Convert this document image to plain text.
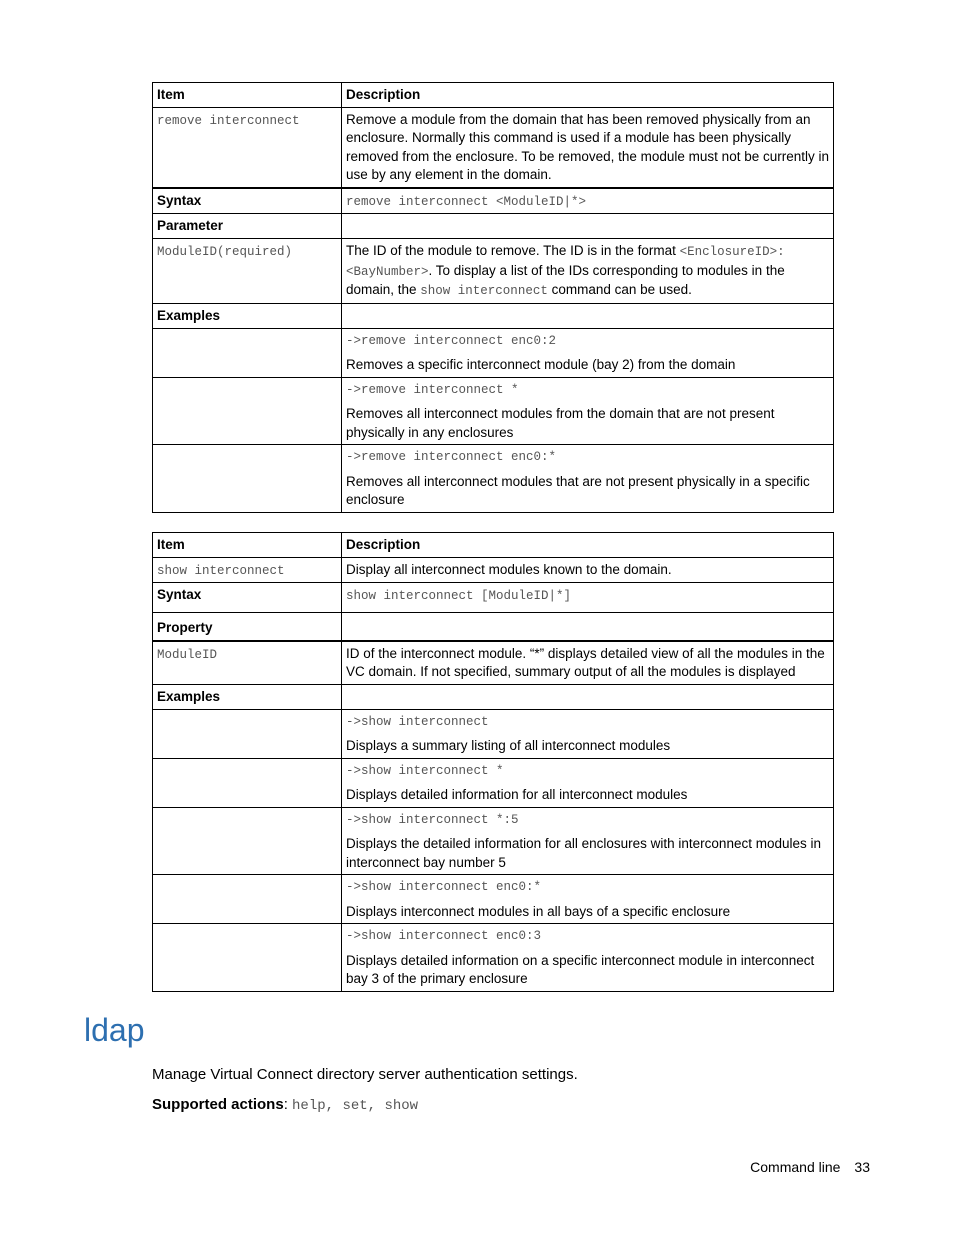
Item	Description
remove interconnect	Remove a module from the domain that has been removed physically from an enclosure. Normally this command is used if a module has been physically removed from the enclosure. To be removed, the module must not be currently in use by any element in the domain.
Syntax	remove interconnect <ModuleID|*>
Parameter	
ModuleID(required)	The ID of the module to remove. The ID is in the format <EnclosureID>:<BayNumber>. To display a list of the IDs corresponding to modules in the domain, the show interconnect command can be used.
Examples	

	->remove interconnect enc0:2
Removes a specific interconnect module (bay 2) from the domain

	->remove interconnect *
Removes all interconnect modules from the domain that are not present physically in any enclosures

	->remove interconnect enc0:*
Removes all interconnect modules that are not present physically in a specific enclosure
Item	Description
show interconnect	Display all interconnect modules known to the domain.
Syntax	show interconnect [ModuleID|*]
Property	
ModuleID	ID of the interconnect module. “*” displays detailed view of all the modules in the VC domain. If not specified, summary output of all the modules is displayed
Examples	

	->show interconnect
Displays a summary listing of all interconnect modules

	->show interconnect *
Displays detailed information for all interconnect modules

	->show interconnect *:5
Displays the detailed information for all enclosures with interconnect modules in interconnect bay number 5

	->show interconnect enc0:*
Displays interconnect modules in all bays of a specific enclosure

	->show interconnect enc0:3
Displays detailed information on a specific interconnect module in interconnect bay 3 of the primary enclosure
ldap

Manage Virtual Connect directory server authentication settings.

Supported actions: help, set, show

Command line 33
